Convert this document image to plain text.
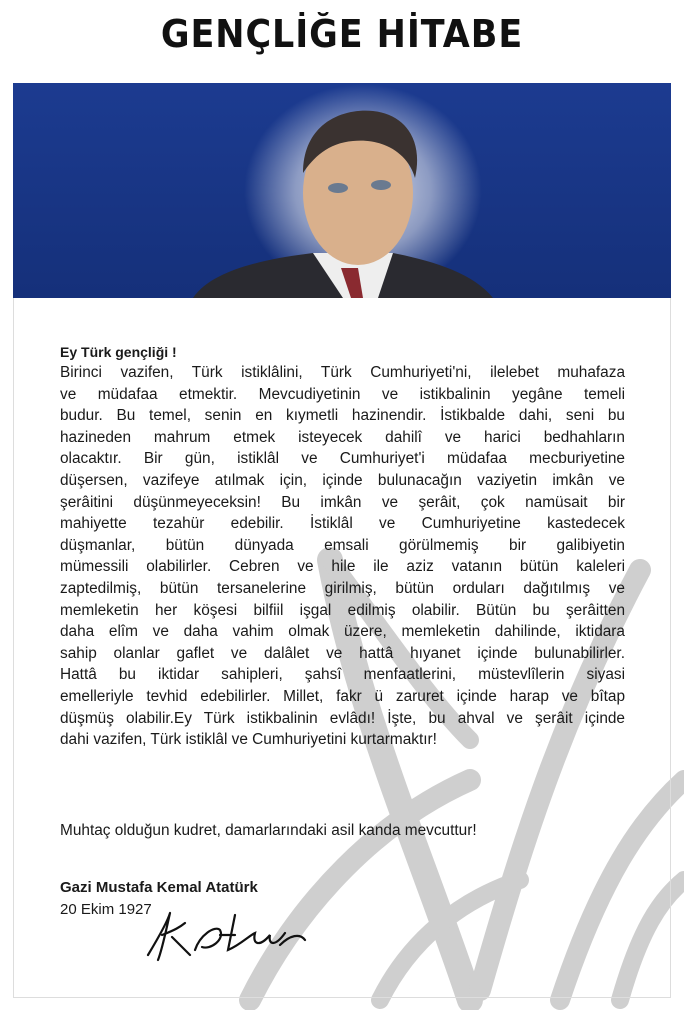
GENÇLİĞE HİTABE
Ey Türk gençliği !
Birinci vazifen, Türk istiklâlini, Türk Cumhuriyeti'ni, ilelebet muhafaza
ve müdafaa etmektir. Mevcudiyetinin ve istikbalinin yegâne temeli
budur. Bu temel, senin en kıymetli hazinendir. İstikbalde dahi, seni bu
hazineden mahrum etmek isteyecek dahilî ve harici bedhahların
olacaktır. Bir gün, istiklâl ve Cumhuriyet'i müdafaa mecburiyetine
düşersen, vazifeye atılmak için, içinde bulunacağın vaziyetin imkân ve
şerâitini düşünmeyeceksin! Bu imkân ve şerâit, çok namüsait bir
mahiyette tezahür edebilir. İstiklâl ve Cumhuriyetine kastedecek
düşmanlar, bütün dünyada emsali görülmemiş bir galibiyetin
mümessili olabilirler. Cebren ve hile ile aziz vatanın bütün kaleleri
zaptedilmiş, bütün tersanelerine girilmiş, bütün orduları dağıtılmış ve
memleketin her köşesi bilfiil işgal edilmiş olabilir. Bütün bu şerâitten
daha elîm ve daha vahim olmak üzere, memleketin dahilinde, iktidara
sahip olanlar gaflet ve dalâlet ve hattâ hıyanet içinde bulunabilirler.
Hattâ bu iktidar sahipleri, şahsî menfaatlerini, müstevlîlerin siyasi
emelleriyle tevhid edebilirler. Millet, fakr ü zaruret içinde harap ve bîtap
düşmüş olabilir.Ey Türk istikbalinin evlâdı! İşte, bu ahval ve şerâit içinde
dahi vazifen, Türk istiklâl ve Cumhuriyetini kurtarmaktır!
Muhtaç olduğun kudret, damarlarındaki asil kanda mevcuttur!
Gazi Mustafa Kemal Atatürk
20 Ekim 1927
